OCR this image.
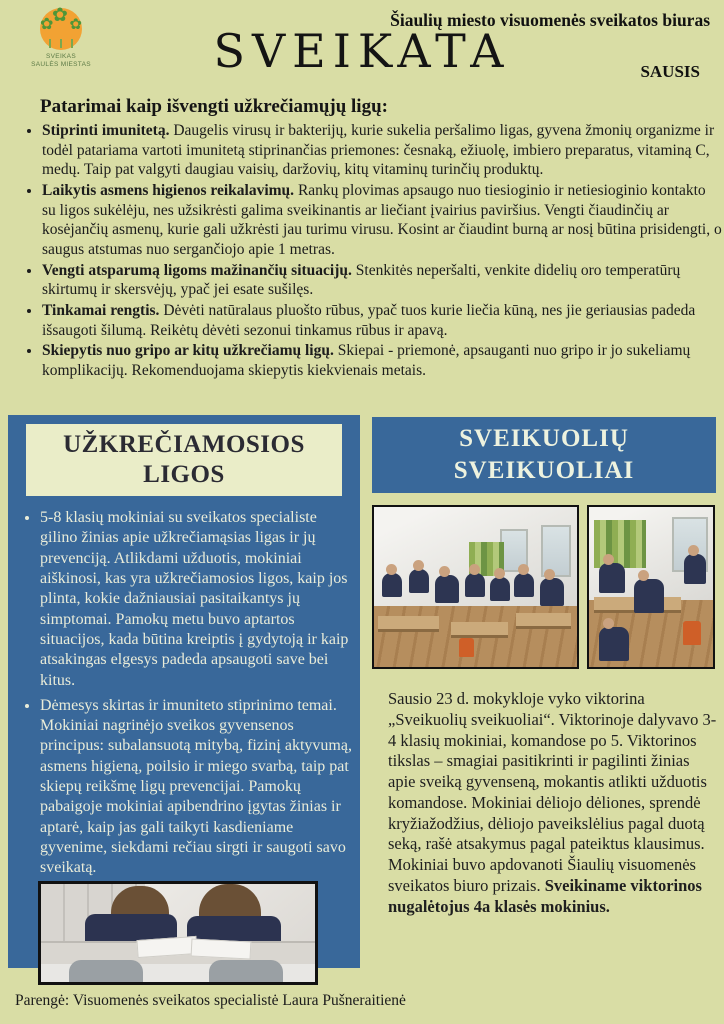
✿
✿ ✿
SVEIKAS
SAULĖS MIESTAS
Šiaulių miesto visuomenės sveikatos biuras
SVEIKATA	SAUSIS
Patarimai kaip išvengti užkrečiamųjų ligų:
• Stiprinti imunitetą. Daugelis virusų ir bakterijų, kurie sukelia peršalimo ligas, gyvena žmonių organizme ir todėl patariama vartoti imunitetą stiprinančias priemones: česnaką, ežiuolę, imbiero preparatus, vitaminą C, medų. Taip pat valgyti daugiau vaisių, daržovių, kitų vitaminų turinčių produktų.
• Laikytis asmens higienos reikalavimų. Rankų plovimas apsaugo nuo tiesioginio ir netiesioginio kontakto su ligos sukėlėju, nes užsikrėsti galima sveikinantis ar liečiant įvairius paviršius. Vengti čiaudinčių ar kosėjančių asmenų, kurie gali užkrėsti jau turimu virusu. Kosint ar čiaudint burną ar nosį būtina prisidengti, o saugus atstumas nuo sergančiojo apie 1 metras.
• Vengti atsparumą ligoms mažinančių situacijų. Stenkitės neperšalti, venkite didelių oro temperatūrų skirtumų ir skersvėjų, ypač jei esate sušilęs.
• Tinkamai rengtis. Dėvėti natūralaus pluošto rūbus, ypač tuos kurie liečia kūną, nes jie geriausias padeda išsaugoti šilumą. Reikėtų dėvėti sezonui tinkamus rūbus ir apavą.
• Skiepytis nuo gripo ar kitų užkrečiamų ligų. Skiepai - priemonė, apsauganti nuo gripo ir jo sukeliamų komplikacijų. Rekomenduojama skiepytis kiekvienais metais.
UŽKREČIAMOSIOS LIGOS
• 5-8 klasių mokiniai su sveikatos specialiste gilino žinias apie užkrečiamąsias ligas ir jų prevenciją. Atlikdami užduotis, mokiniai aiškinosi, kas yra užkrečiamosios ligos, kaip jos plinta, kokie dažniausiai pasitaikantys jų simptomai. Pamokų metu buvo aptartos situacijos, kada būtina kreiptis į gydytoją ir kaip atsakingas elgesys padeda apsaugoti save bei kitus.
• Dėmesys skirtas ir imuniteto stiprinimo temai. Mokiniai nagrinėjo sveikos gyvensenos principus: subalansuotą mitybą, fizinį aktyvumą, asmens higieną, poilsio ir miego svarbą, taip pat skiepų reikšmę ligų prevencijai. Pamokų pabaigoje mokiniai apibendrino įgytas žinias ir aptarė, kaip jas gali taikyti kasdieniame gyvenime, siekdami rečiau sirgti ir saugoti savo sveikatą.
SVEIKUOLIŲ SVEIKUOLIAI
Sausio 23 d. mokykloje vyko viktorina „Sveikuolių sveikuoliai“. Viktorinoje dalyvavo 3-4 klasių mokiniai, komandose po 5. Viktorinos tikslas – smagiai pasitikrinti ir pagilinti žinias apie sveiką gyvenseną, mokantis atlikti užduotis komandose. Mokiniai dėliojo dėliones, sprendė kryžiažodžius, dėliojo paveikslėlius pagal duotą seką, rašė atsakymus pagal pateiktus klausimus. Mokiniai buvo apdovanoti Šiaulių visuomenės sveikatos biuro prizais. Sveikiname viktorinos nugalėtojus 4a klasės mokinius.
Parengė: Visuomenės sveikatos specialistė Laura Pušneraitienė
